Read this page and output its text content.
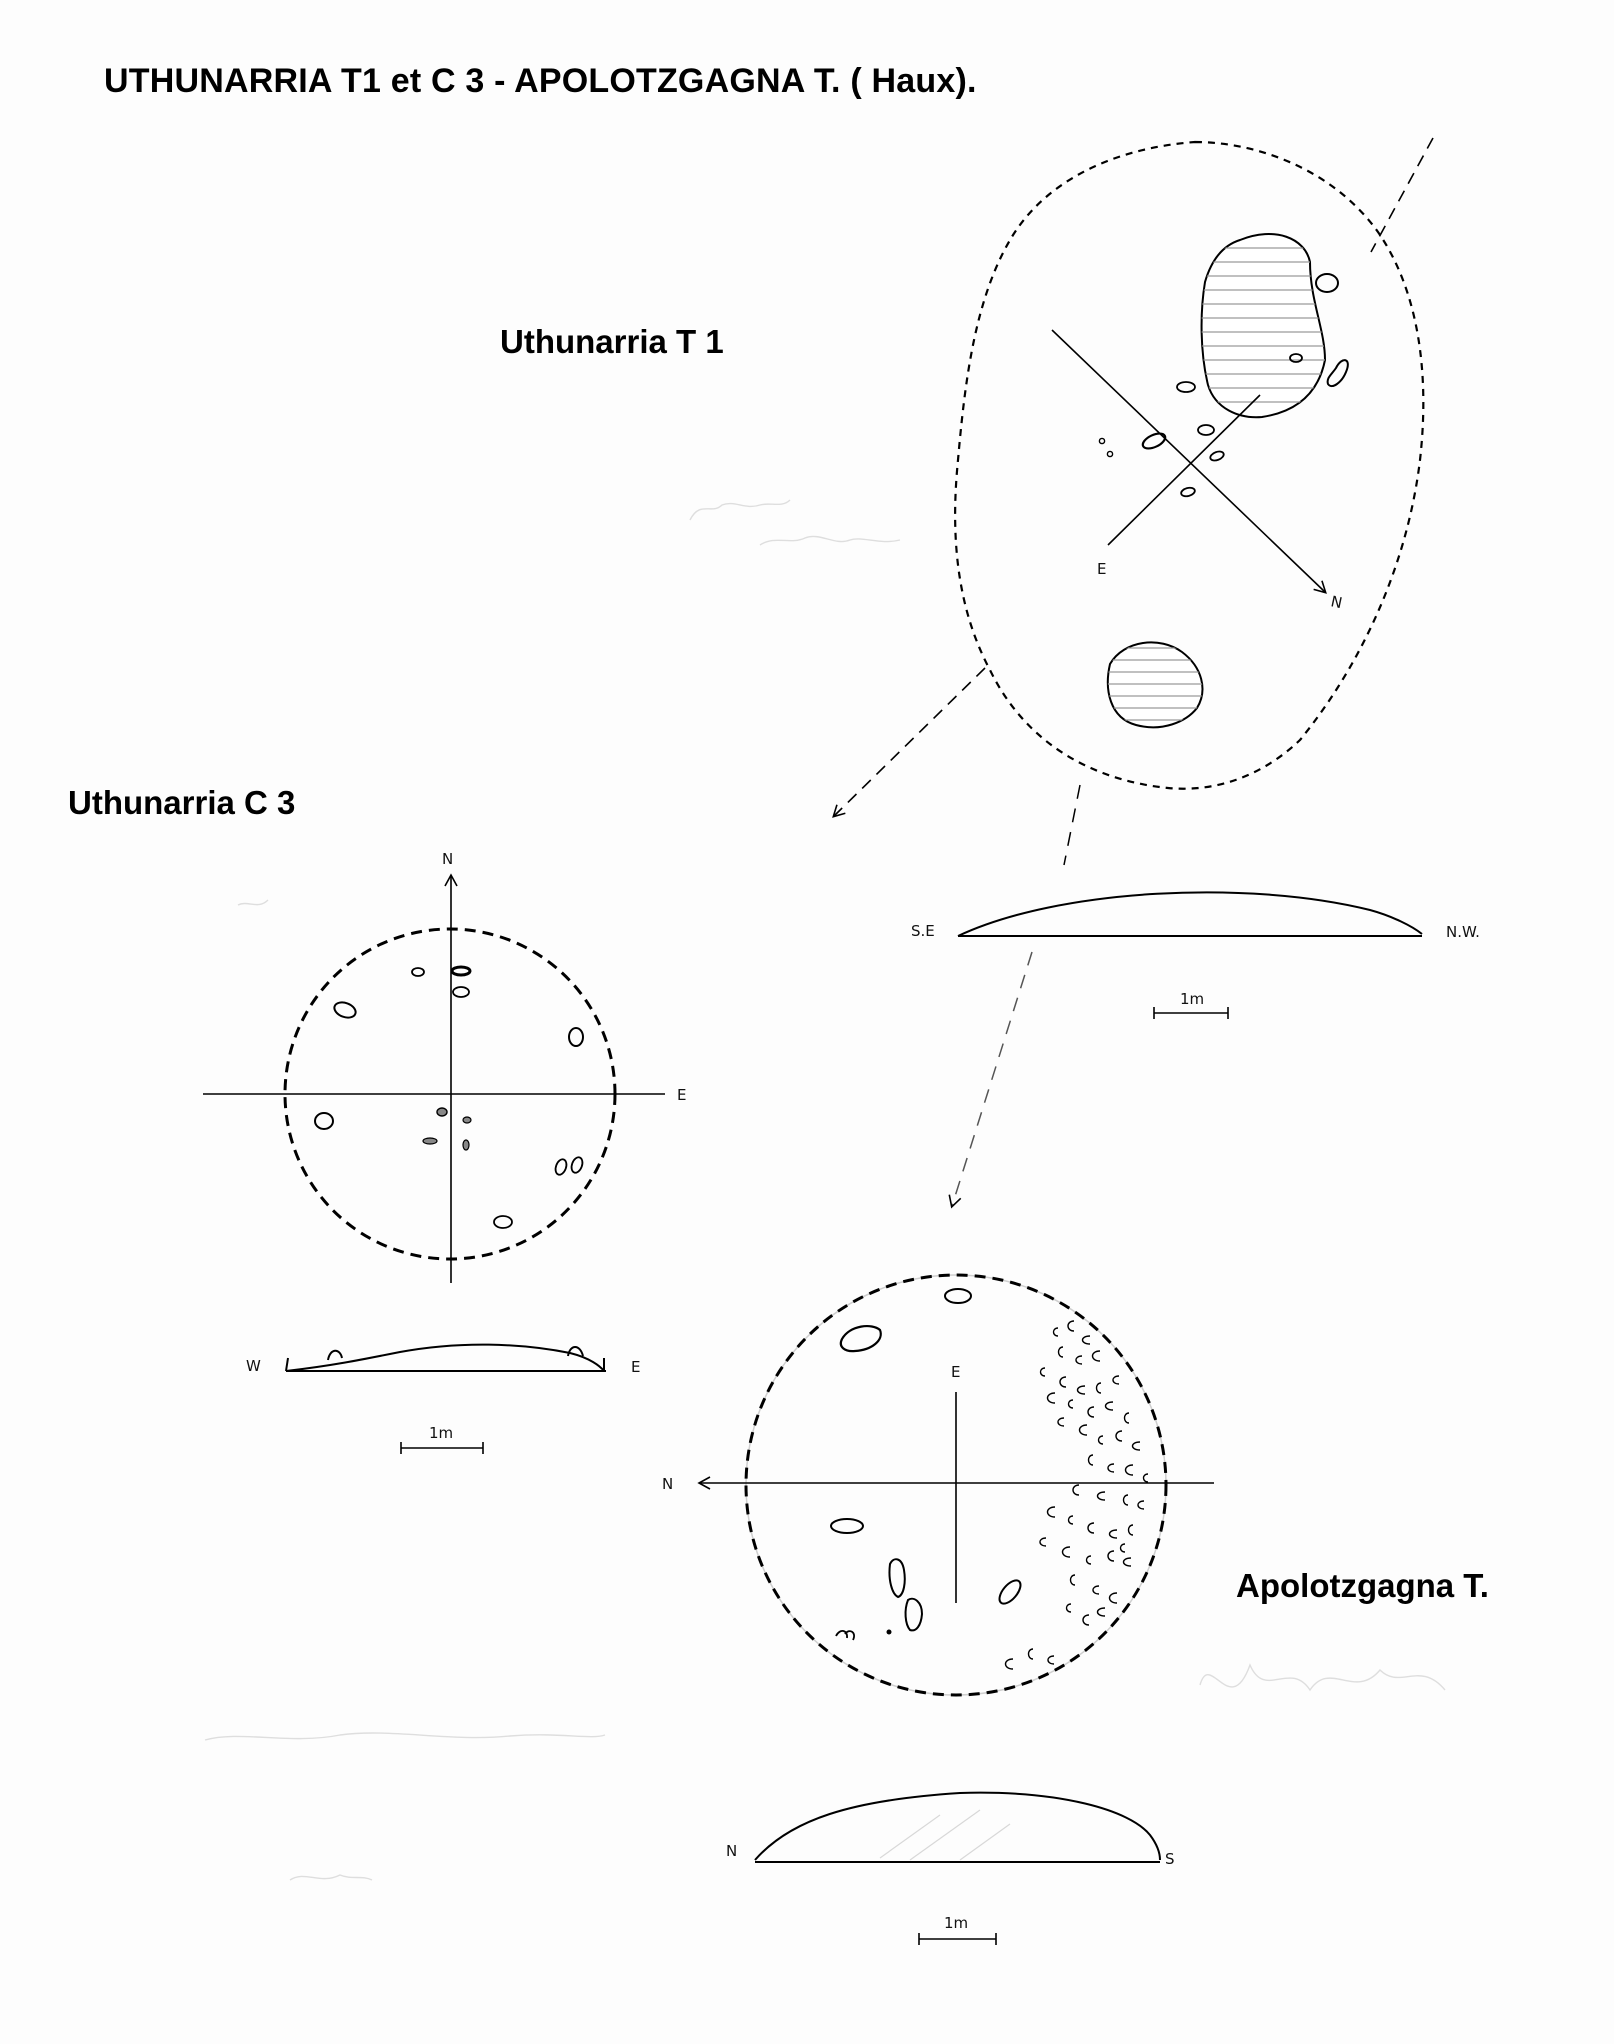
UTHUNARRIA T1 et C 3 - APOLOTZGAGNA T. ( Haux).
Uthunarria T 1
Uthunarria C 3
Apolotzgagna T.
E
N
S.E	N.W.
1m
N
E
W	E
1m
E
N
N	S
1m
